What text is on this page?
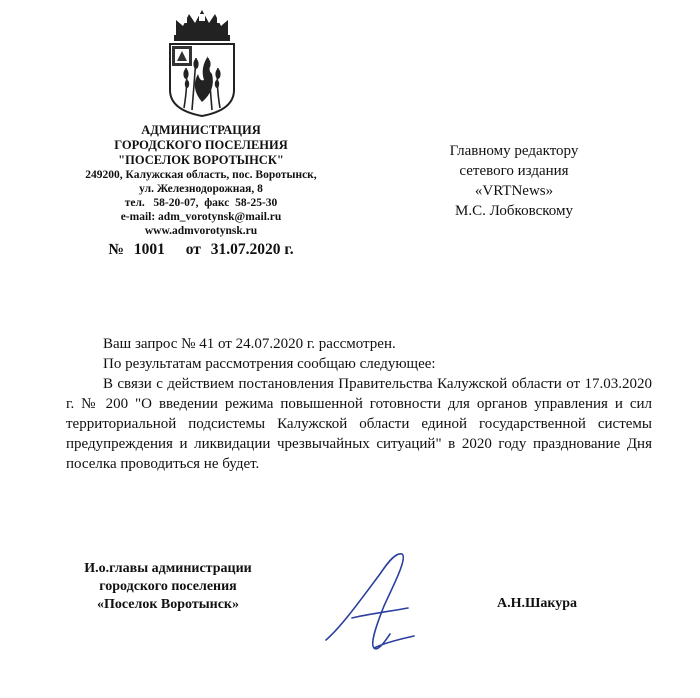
АДМИНИСТРАЦИЯ
ГОРОДСКОГО ПОСЕЛЕНИЯ
"ПОСЕЛОК ВОРОТЫНСК"
249200, Калужская область, пос. Воротынск,
ул. Железнодорожная, 8
тел.   58-20-07,  факс  58-25-30
e-mail: adm_vorotynsk@mail.ru
www.admvorotynsk.ru
№ 1001 от 31.07.2020 г.
Главному редактору
сетевого издания
«VRTNews»
М.С. Лобковскому

Ваш запрос № 41 от 24.07.2020 г. рассмотрен.

По результатам рассмотрения сообщаю следующее:

В связи с действием постановления Правительства Калужской области от 17.03.2020 г. № 200 "О введении режима повышенной готовности для органов управления и сил территориальной подсистемы Калужской области единой государственной системы предупреждения и ликвидации чрезвычайных ситуаций" в 2020 году празднование Дня поселка проводиться не будет.

И.о.главы администрации
городского поселения
«Поселок Воротынск»	А.Н.Шакура
